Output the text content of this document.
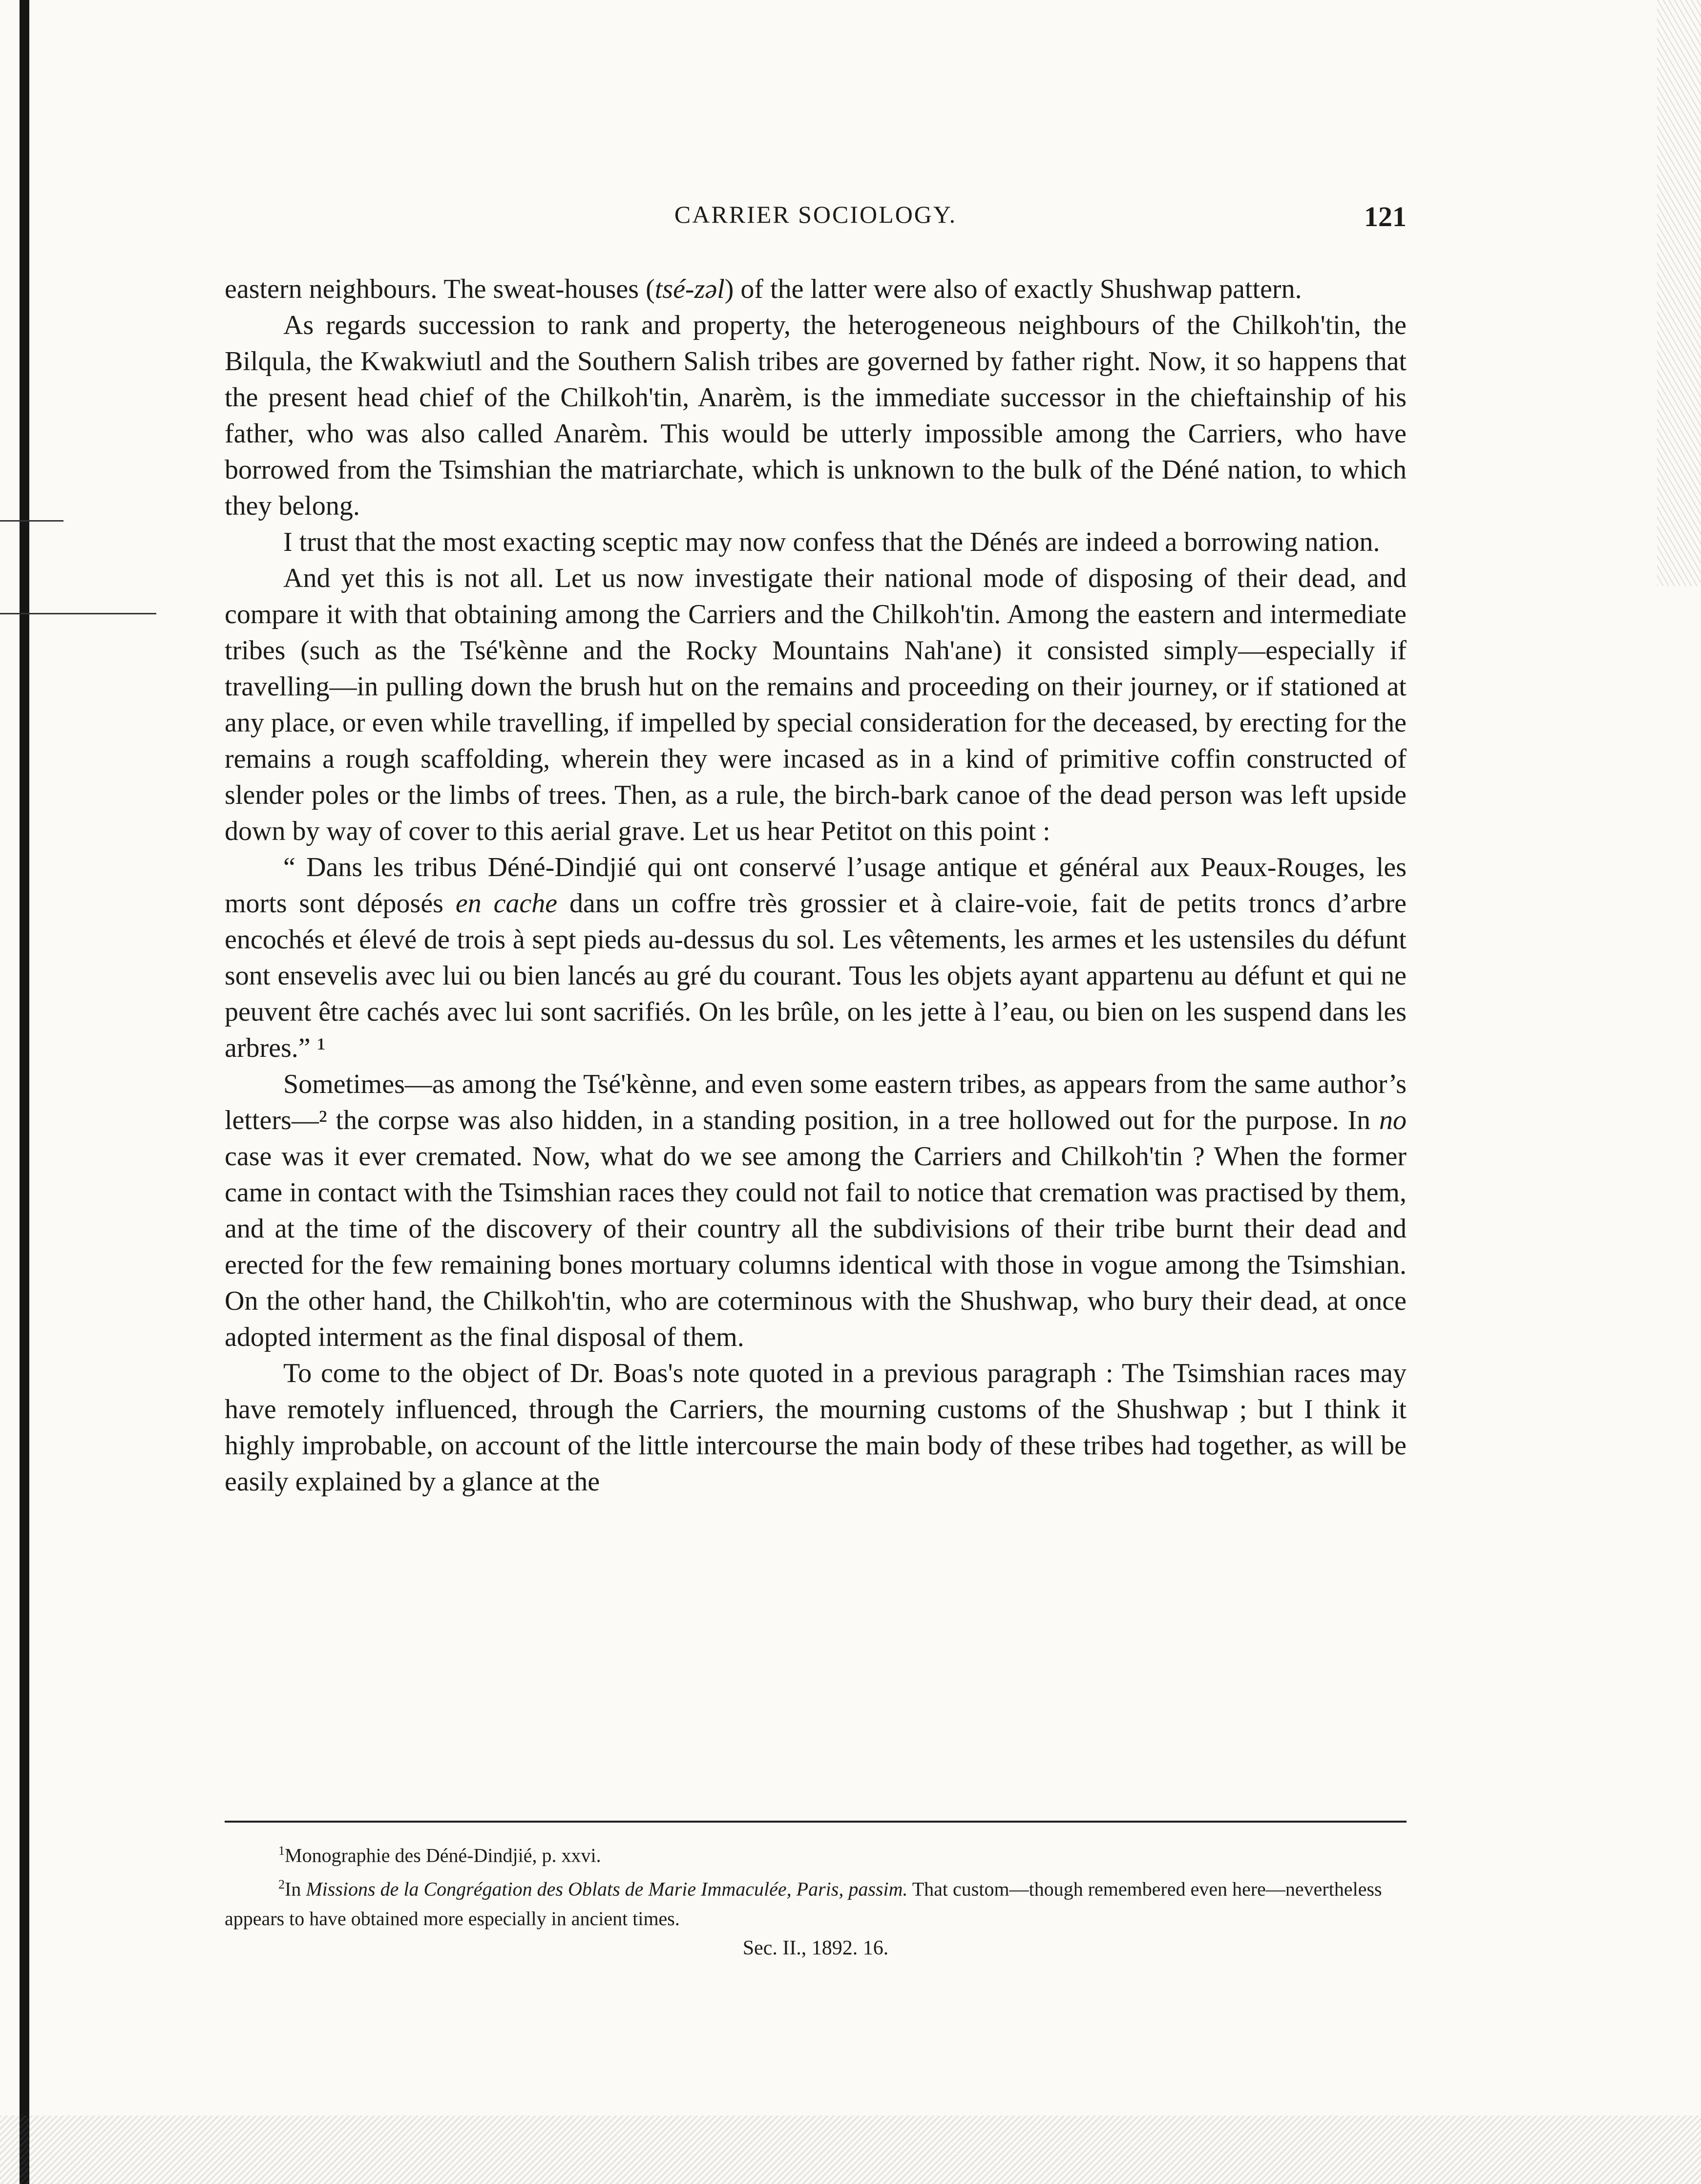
CARRIER SOCIOLOGY.	121

eastern neighbours. The sweat-houses (tsé-zəl) of the latter were also of exactly Shushwap pattern.

As regards succession to rank and property, the heterogeneous neighbours of the Chilkoh'tin, the Bilqula, the Kwakwiutl and the Southern Salish tribes are governed by father right. Now, it so happens that the present head chief of the Chilkoh'tin, Anarèm, is the immediate successor in the chieftainship of his father, who was also called Anarèm. This would be utterly impossible among the Carriers, who have borrowed from the Tsimshian the matriarchate, which is unknown to the bulk of the Déné nation, to which they belong.

I trust that the most exacting sceptic may now confess that the Dénés are indeed a borrowing nation.

And yet this is not all. Let us now investigate their national mode of disposing of their dead, and compare it with that obtaining among the Carriers and the Chilkoh'tin. Among the eastern and intermediate tribes (such as the Tsé'kènne and the Rocky Mountains Nah'ane) it consisted simply—especially if travelling—in pulling down the brush hut on the remains and proceeding on their journey, or if stationed at any place, or even while travelling, if impelled by special consideration for the deceased, by erecting for the remains a rough scaffolding, wherein they were incased as in a kind of primitive coffin constructed of slender poles or the limbs of trees. Then, as a rule, the birch-bark canoe of the dead person was left upside down by way of cover to this aerial grave. Let us hear Petitot on this point :

“ Dans les tribus Déné-Dindjié qui ont conservé l’usage antique et général aux Peaux-Rouges, les morts sont déposés en cache dans un coffre très grossier et à claire-voie, fait de petits troncs d’arbre encochés et élevé de trois à sept pieds au-dessus du sol. Les vêtements, les armes et les ustensiles du défunt sont ensevelis avec lui ou bien lancés au gré du courant. Tous les objets ayant appartenu au défunt et qui ne peuvent être cachés avec lui sont sacrifiés. On les brûle, on les jette à l’eau, ou bien on les suspend dans les arbres.” ¹

Sometimes—as among the Tsé'kènne, and even some eastern tribes, as appears from the same author’s letters—² the corpse was also hidden, in a standing position, in a tree hollowed out for the purpose. In no case was it ever cremated. Now, what do we see among the Carriers and Chilkoh'tin ? When the former came in contact with the Tsimshian races they could not fail to notice that cremation was practised by them, and at the time of the discovery of their country all the subdivisions of their tribe burnt their dead and erected for the few remaining bones mortuary columns identical with those in vogue among the Tsimshian. On the other hand, the Chilkoh'tin, who are coterminous with the Shushwap, who bury their dead, at once adopted interment as the final disposal of them.

To come to the object of Dr. Boas's note quoted in a previous paragraph : The Tsimshian races may have remotely influenced, through the Carriers, the mourning customs of the Shushwap ; but I think it highly improbable, on account of the little intercourse the main body of these tribes had together, as will be easily explained by a glance at the

$^1$Monographie des Déné-Dindjié, p. xxvi.

$^2$In Missions de la Congrégation des Oblats de Marie Immaculée, Paris, passim. That custom—though remembered even here—nevertheless appears to have obtained more especially in ancient times.

Sec. II., 1892. 16.
